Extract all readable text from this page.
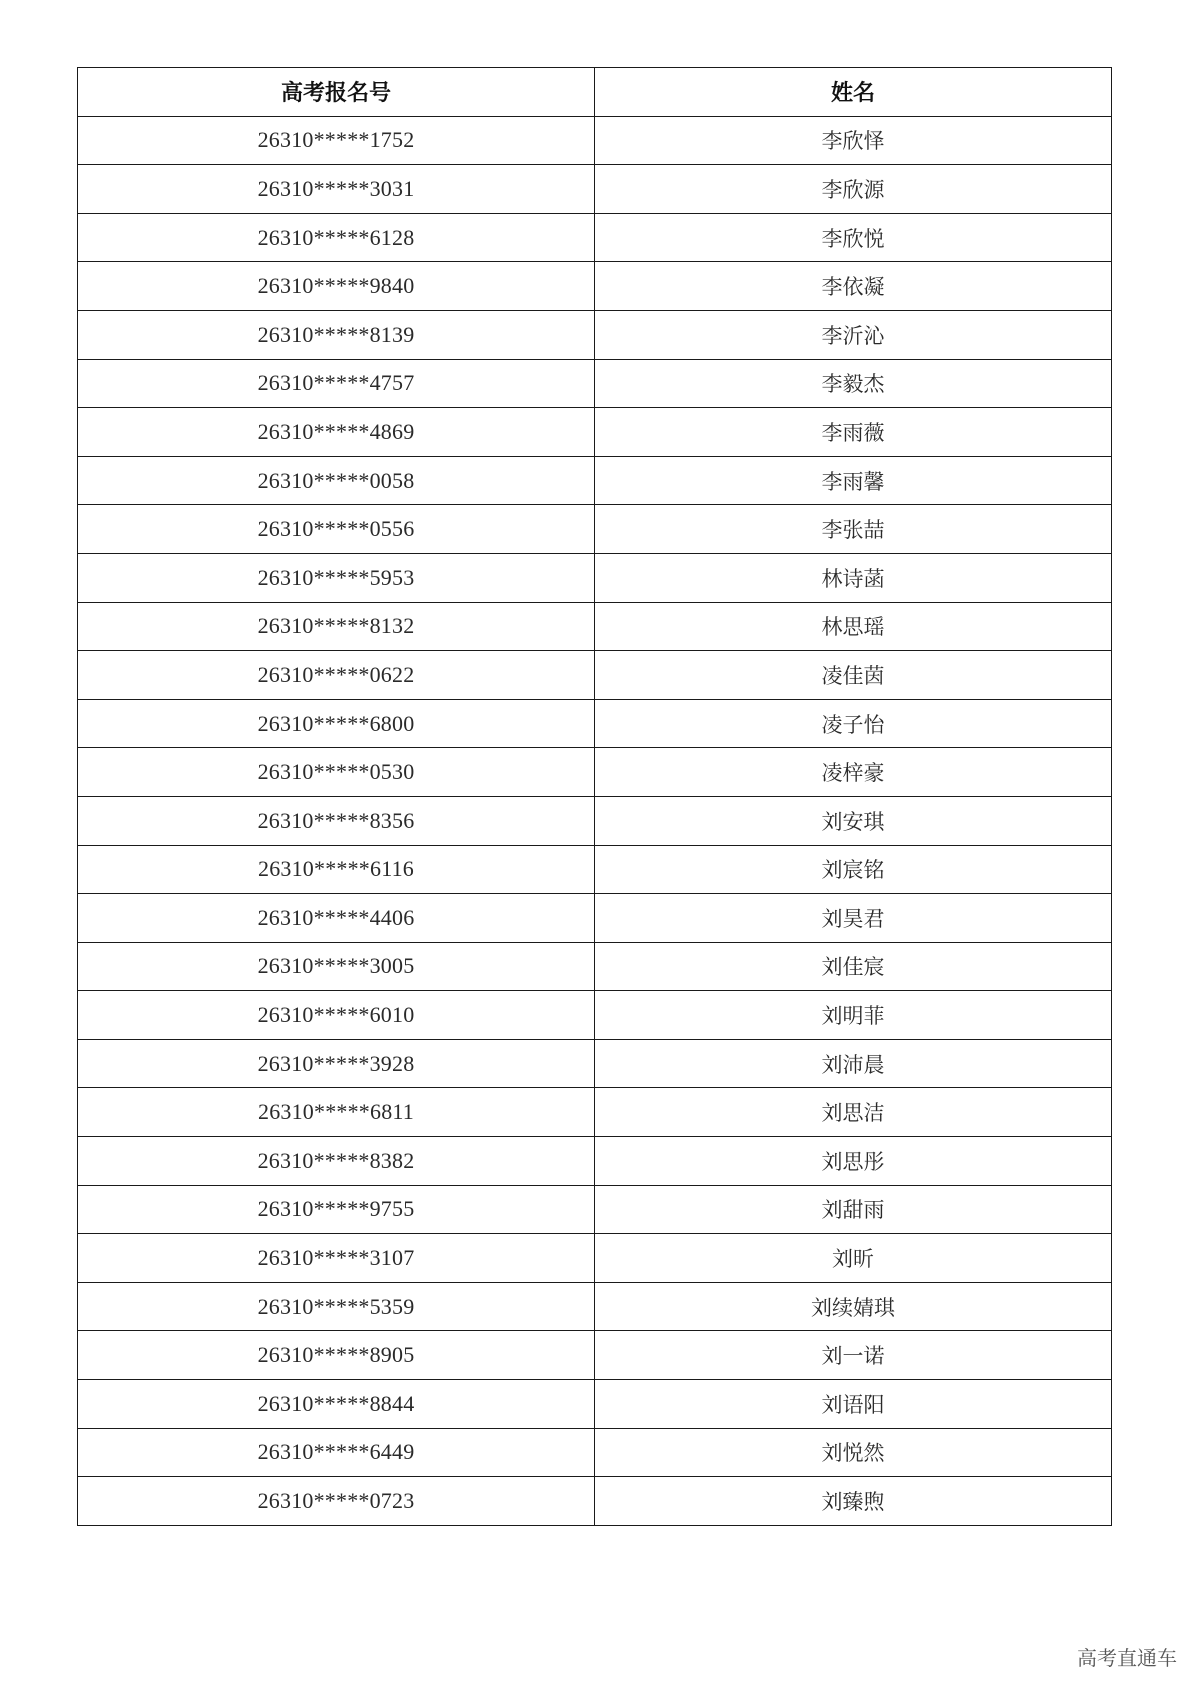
高考报名号	姓名
26310*****1752	李欣怿
26310*****3031	李欣源
26310*****6128	李欣悦
26310*****9840	李依凝
26310*****8139	李沂沁
26310*****4757	李毅杰
26310*****4869	李雨薇
26310*****0058	李雨馨
26310*****0556	李张喆
26310*****5953	林诗菡
26310*****8132	林思瑶
26310*****0622	凌佳茵
26310*****6800	凌子怡
26310*****0530	凌梓豪
26310*****8356	刘安琪
26310*****6116	刘宸铭
26310*****4406	刘昊君
26310*****3005	刘佳宸
26310*****6010	刘明菲
26310*****3928	刘沛晨
26310*****6811	刘思洁
26310*****8382	刘思彤
26310*****9755	刘甜雨
26310*****3107	刘昕
26310*****5359	刘续婧琪
26310*****8905	刘一诺
26310*****8844	刘语阳
26310*****6449	刘悦然
26310*****0723	刘臻煦
高考直通车
